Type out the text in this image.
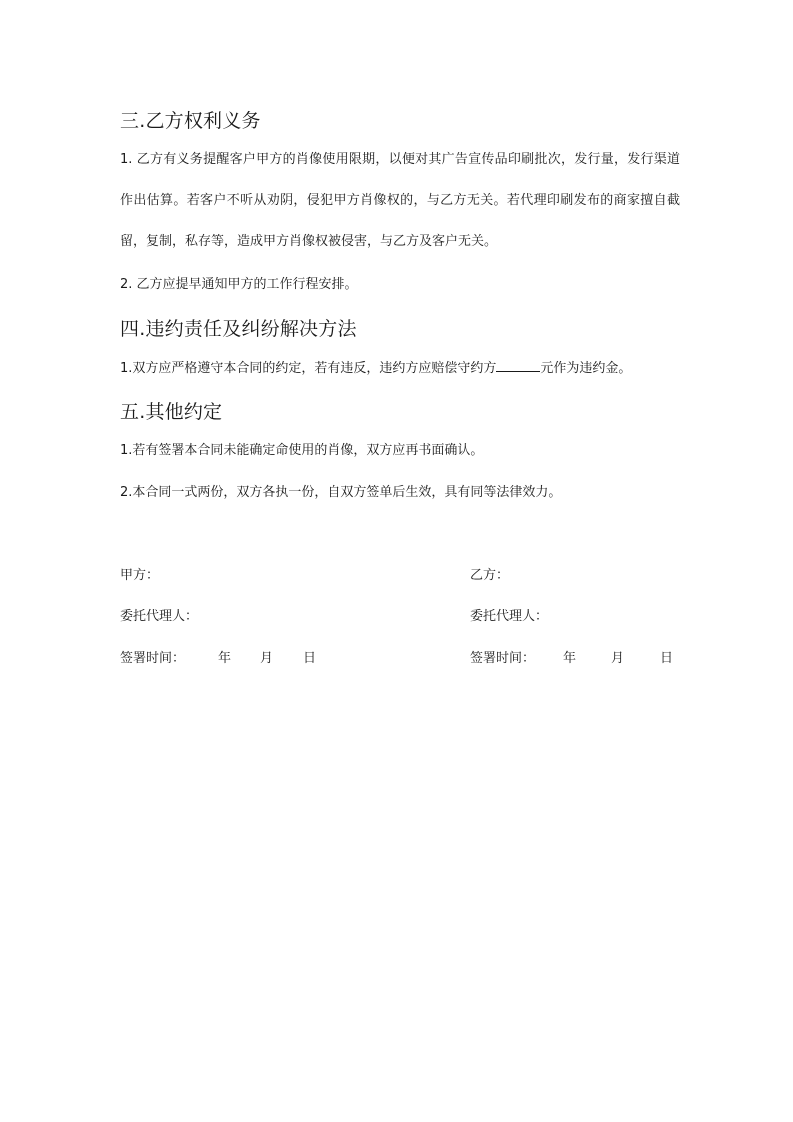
三.乙方权利义务

1. 乙方有义务提醒客户甲方的肖像使用限期，以便对其广告宣传品印刷批次，发行量，发行渠道作出估算。若客户不听从劝阴，侵犯甲方肖像权的，与乙方无关。若代理印刷发布的商家擅自截留，复制，私存等，造成甲方肖像权被侵害，与乙方及客户无关。

2. 乙方应提早通知甲方的工作行程安排。

四.违约责任及纠纷解决方法

1.双方应严格遵守本合同的约定，若有违反，违约方应赔偿守约方	元作为违约金。

五.其他约定

1.若有签署本合同未能确定命使用的肖像，双方应再书面确认。

2.本合同一式两份，双方各执一份，自双方签单后生效，具有同等法律效力。

甲方：	乙方：
委托代理人：	委托代理人：
签署时间：	年 月 日	签署时间： 年	月	日
